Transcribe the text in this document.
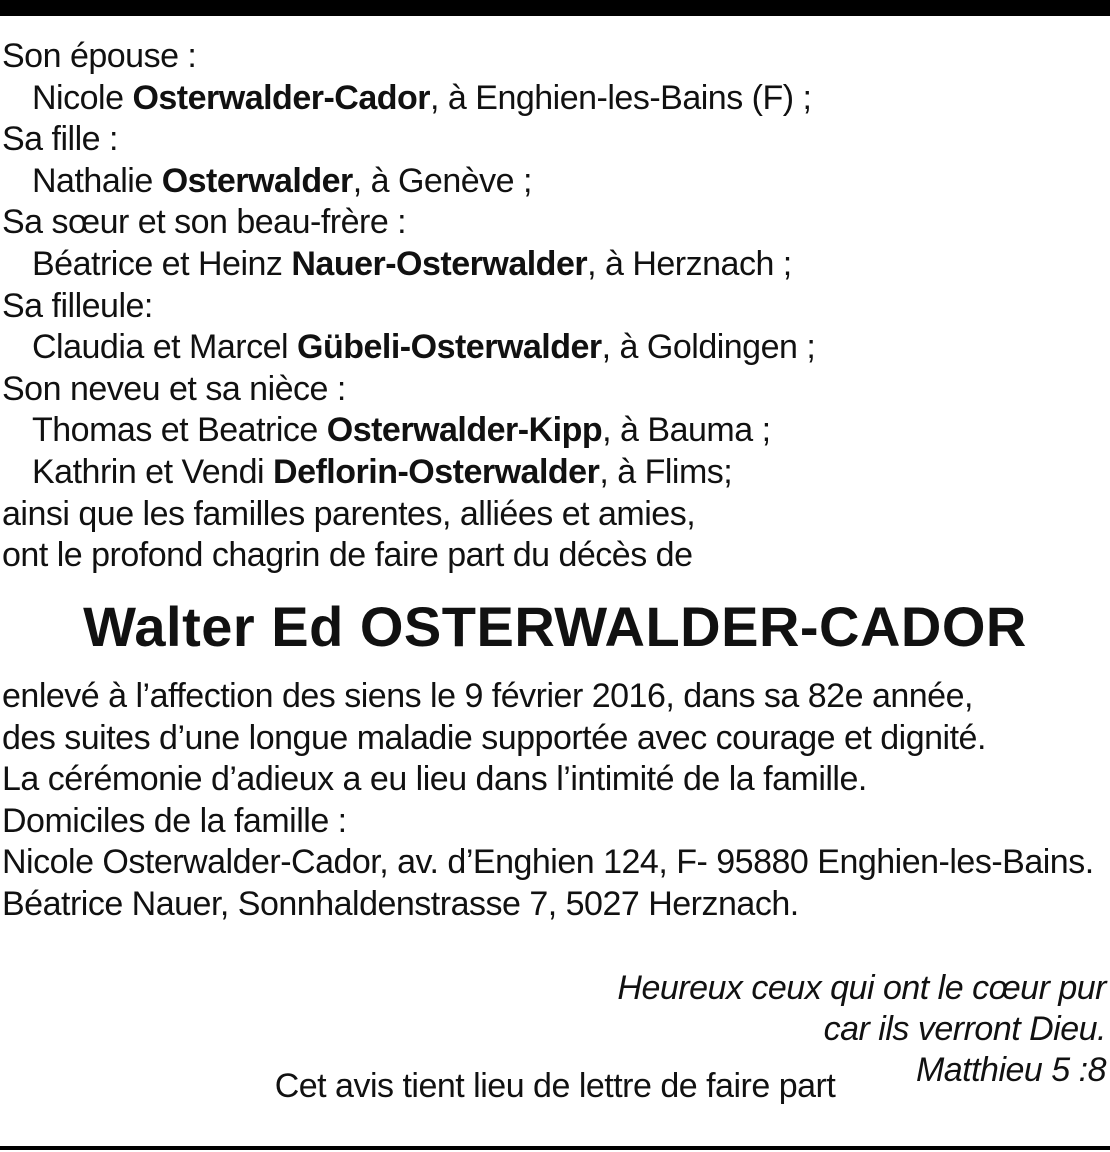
Son épouse :
Nicole Osterwalder-Cador, à Enghien-les-Bains (F) ;
Sa fille :
Nathalie Osterwalder, à Genève ;
Sa sœur et son beau-frère :
Béatrice et Heinz Nauer-Osterwalder, à Herznach ;
Sa filleule:
Claudia et Marcel Gübeli-Osterwalder, à Goldingen ;
Son neveu et sa nièce :
Thomas et Beatrice Osterwalder-Kipp, à Bauma ;
Kathrin et Vendi Deflorin-Osterwalder, à Flims;
ainsi que les familles parentes, alliées et amies,
ont le profond chagrin de faire part du décès de
Walter Ed OSTERWALDER-CADOR
enlevé à l’affection des siens le 9 février 2016, dans sa 82e année,
des suites d’une longue maladie supportée avec courage et dignité.
La cérémonie d’adieux a eu lieu dans l’intimité de la famille.
Domiciles de la famille :
Nicole Osterwalder-Cador, av. d’Enghien 124, F- 95880 Enghien-les-Bains.
Béatrice Nauer, Sonnhaldenstrasse 7, 5027 Herznach.
Heureux ceux qui ont le cœur pur
car ils verront Dieu.
Matthieu 5 :8
Cet avis tient lieu de lettre de faire part
